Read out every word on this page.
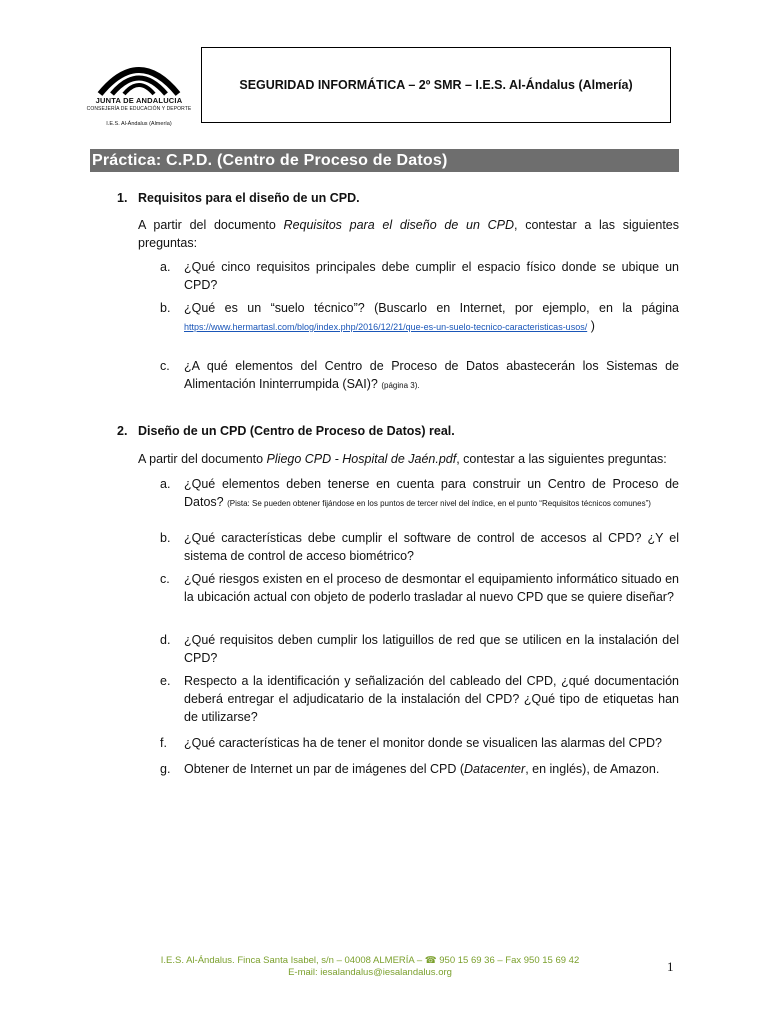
JUNTA DE ANDALUCIA
CONSEJERÍA DE EDUCACIÓN Y DEPORTE
I.E.S. Al-Ándalus (Almería)
SEGURIDAD INFORMÁTICA – 2º SMR – I.E.S. Al-Ándalus (Almería)
Práctica: C.P.D. (Centro de Proceso de Datos)
1. Requisitos para el diseño de un CPD.
A partir del documento Requisitos para el diseño de un CPD, contestar a las siguientes preguntas:
a.	¿Qué cinco requisitos principales debe cumplir el espacio físico donde se ubique un CPD?
b.	¿Qué es un “suelo técnico”? (Buscarlo en Internet, por ejemplo, en la página
https://www.hermartasl.com/blog/index.php/2016/12/21/que-es-un-suelo-tecnico-caracteristicas-usos/ )
c.	¿A qué elementos del Centro de Proceso de Datos abastecerán los Sistemas de Alimentación Ininterrumpida (SAI)? (página 3).
2. Diseño de un CPD (Centro de Proceso de Datos) real.
A partir del documento Pliego CPD - Hospital de Jaén.pdf, contestar a las siguientes preguntas:
a.	¿Qué elementos deben tenerse en cuenta para construir un Centro de Proceso de Datos? (Pista: Se pueden obtener fijándose en los puntos de tercer nivel del índice, en el punto “Requisitos técnicos comunes”)
b.	¿Qué características debe cumplir el software de control de accesos al CPD? ¿Y el sistema de control de acceso biométrico?
c.	¿Qué riesgos existen en el proceso de desmontar el equipamiento informático situado en la ubicación actual con objeto de poderlo trasladar al nuevo CPD que se quiere diseñar?
d.	¿Qué requisitos deben cumplir los latiguillos de red que se utilicen en la instalación del CPD?
e.	Respecto a la identificación y señalización del cableado del CPD, ¿qué documentación deberá entregar el adjudicatario de la instalación del CPD? ¿Qué tipo de etiquetas han de utilizarse?
f.	¿Qué características ha de tener el monitor donde se visualicen las alarmas del CPD?
g.	Obtener de Internet un par de imágenes del CPD (Datacenter, en inglés), de Amazon.
I.E.S. Al-Ándalus. Finca Santa Isabel, s/n – 04008 ALMERÍA – ☎ 950 15 69 36 – Fax 950 15 69 42
E-mail: iesalandalus@iesalandalus.org	1
